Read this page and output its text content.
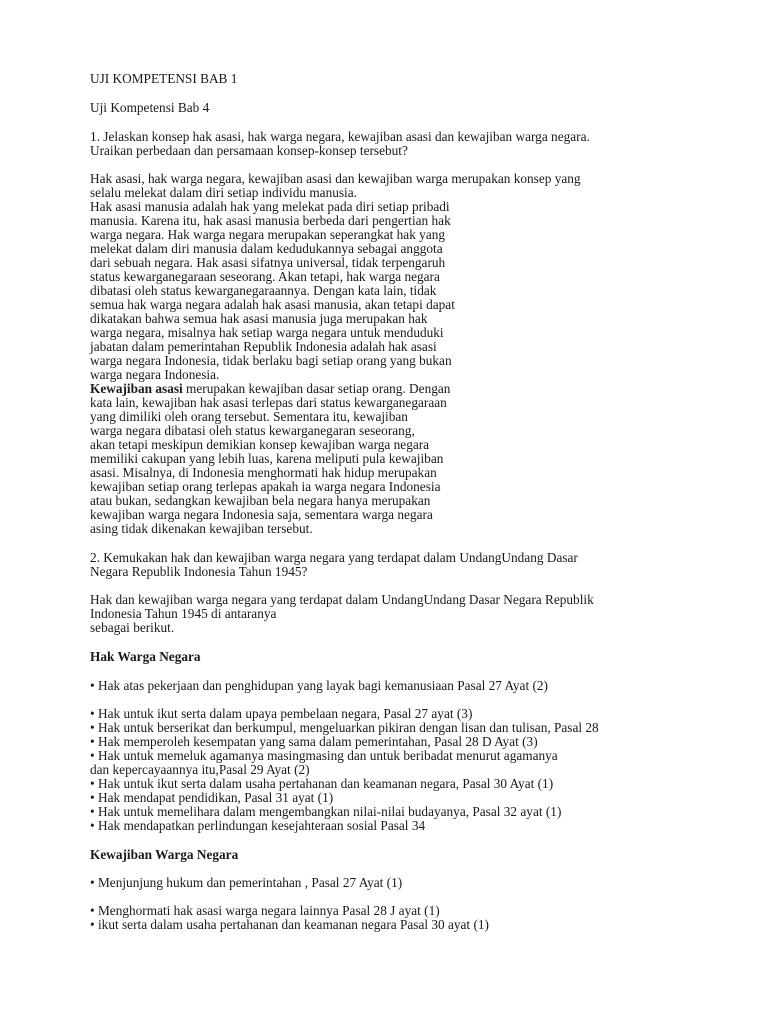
UJI KOMPETENSI BAB 1
Uji Kompetensi Bab 4
1. Jelaskan konsep hak asasi, hak warga negara, kewajiban asasi dan kewajiban warga negara.
Uraikan perbedaan dan persamaan konsep-konsep tersebut?
Hak asasi, hak warga negara, kewajiban asasi dan kewajiban warga merupakan konsep yang
selalu melekat dalam diri setiap individu manusia.
Hak asasi manusia adalah hak yang melekat pada diri setiap pribadi
manusia. Karena itu, hak asasi manusia berbeda dari pengertian hak
warga negara. Hak warga negara merupakan seperangkat hak yang
melekat dalam diri manusia dalam kedudukannya sebagai anggota
dari sebuah negara. Hak asasi sifatnya universal, tidak terpengaruh
status kewarganegaraan seseorang. Akan tetapi, hak warga negara
dibatasi oleh status kewarganegaraannya. Dengan kata lain, tidak
semua hak warga negara adalah hak asasi manusia, akan tetapi dapat
dikatakan bahwa semua hak asasi manusia juga merupakan hak
warga negara, misalnya hak setiap warga negara untuk menduduki
jabatan dalam pemerintahan Republik Indonesia adalah hak asasi
warga negara Indonesia, tidak berlaku bagi setiap orang yang bukan
warga negara Indonesia.
Kewajiban asasi merupakan kewajiban dasar setiap orang. Dengan
kata lain, kewajiban hak asasi terlepas dari status kewarganegaraan
yang dimiliki oleh orang tersebut. Sementara itu, kewajiban
warga negara dibatasi oleh status kewarganegaran seseorang,
akan tetapi meskipun demikian konsep kewajiban warga negara
memiliki cakupan yang lebih luas, karena meliputi pula kewajiban
asasi. Misalnya, di Indonesia menghormati hak hidup merupakan
kewajiban setiap orang terlepas apakah ia warga negara Indonesia
atau bukan, sedangkan kewajiban bela negara hanya merupakan
kewajiban warga negara Indonesia saja, sementara warga negara
asing tidak dikenakan kewajiban tersebut.
2. Kemukakan hak dan kewajiban warga negara yang terdapat dalam UndangUndang Dasar
Negara Republik Indonesia Tahun 1945?
Hak dan kewajiban warga negara yang terdapat dalam UndangUndang Dasar Negara Republik
Indonesia Tahun 1945 di antaranya
sebagai berikut.
Hak Warga Negara
• Hak atas pekerjaan dan penghidupan yang layak bagi kemanusiaan Pasal 27 Ayat (2)
• Hak untuk ikut serta dalam upaya pembelaan negara, Pasal 27 ayat (3)
• Hak untuk berserikat dan berkumpul, mengeluarkan pikiran dengan lisan dan tulisan, Pasal 28
• Hak memperoleh kesempatan yang sama dalam pemerintahan, Pasal 28 D Ayat (3)
• Hak untuk memeluk agamanya masingmasing dan untuk beribadat menurut agamanya
dan kepercayaannya itu,Pasal 29 Ayat (2)
• Hak untuk ikut serta dalam usaha pertahanan dan keamanan negara, Pasal 30 Ayat (1)
• Hak mendapat pendidikan, Pasal 31 ayat (1)
• Hak untuk memelihara dalam mengembangkan nilai-nilai budayanya, Pasal 32 ayat (1)
• Hak mendapatkan perlindungan kesejahteraan sosial Pasal 34
Kewajiban Warga Negara
• Menjunjung hukum dan pemerintahan , Pasal 27 Ayat (1)
• Menghormati hak asasi warga negara lainnya Pasal 28 J ayat (1)
• ikut serta dalam usaha pertahanan dan keamanan negara Pasal 30 ayat (1)
